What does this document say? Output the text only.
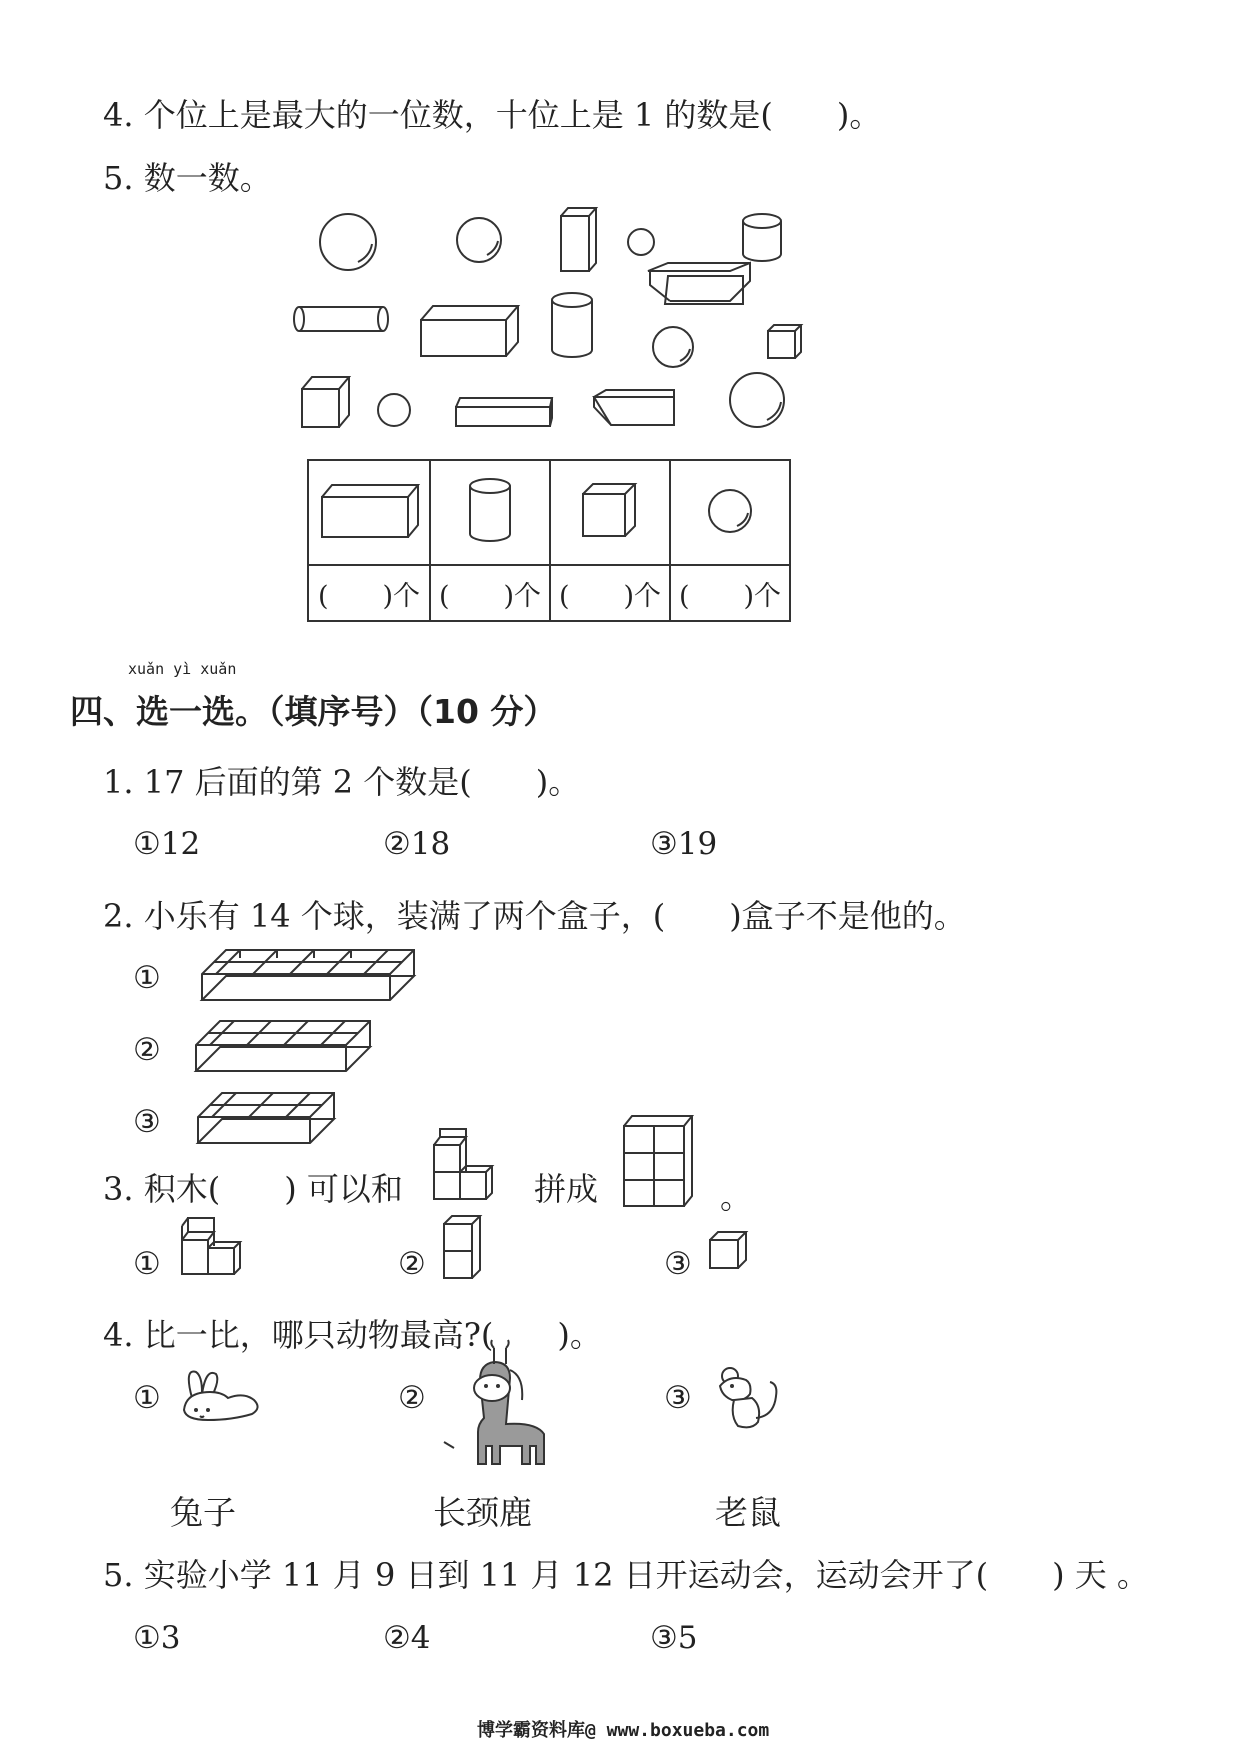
4. 个位上是最大的一位数，十位上是 1 的数是(　　)。
5. 数一数。

(　　)个	(　　)个	(　　)个	(　　)个
xuǎn yì xuǎn
四、选一选。（填序号）（10 分）
1. 17 后面的第 2 个数是(　　)。
①12	②18	③19
2. 小乐有 14 个球，装满了两个盒子，(　　)盒子不是他的。
①
②
③
3. 积木(　　) 可以和	拼成	。
①	②	③
4. 比一比，哪只动物最高?(　　)。
①	②	③
兔子	长颈鹿	老鼠
5. 实验小学 11 月 9 日到 11 月 12 日开运动会，运动会开了(　　) 天 。
①3	②4	③5
博学霸资料库@ www.boxueba.com
